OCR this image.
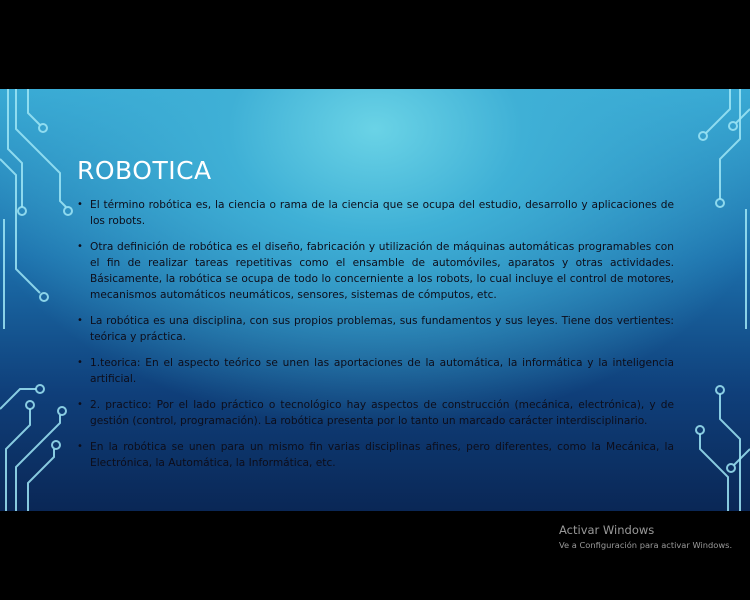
ROBOTICA
• El término robótica es, la ciencia o rama de la ciencia que se ocupa del estudio, desarrollo y aplicaciones de los robots.
• Otra definición de robótica es el diseño, fabricación y utilización de máquinas automáticas programables con el fin de realizar tareas repetitivas como el ensamble de automóviles, aparatos y otras actividades. Básicamente, la robótica se ocupa de todo lo concerniente a los robots, lo cual incluye el control de motores, mecanismos automáticos neumáticos, sensores, sistemas de cómputos, etc.
• La robótica es una disciplina, con sus propios problemas, sus fundamentos y sus leyes. Tiene dos vertientes: teórica y práctica.
• 1.teorica: En el aspecto teórico se unen las aportaciones de la automática, la informática y la inteligencia artificial.
• 2. practico: Por el lado práctico o tecnológico hay aspectos de construcción (mecánica, electrónica), y de gestión (control, programación). La robótica presenta por lo tanto un marcado carácter interdisciplinario.
• En la robótica se unen para un mismo fin varias disciplinas afines, pero diferentes, como la Mecánica, la Electrónica, la Automática, la Informática, etc.
Activar Windows
Ve a Configuración para activar Windows.
